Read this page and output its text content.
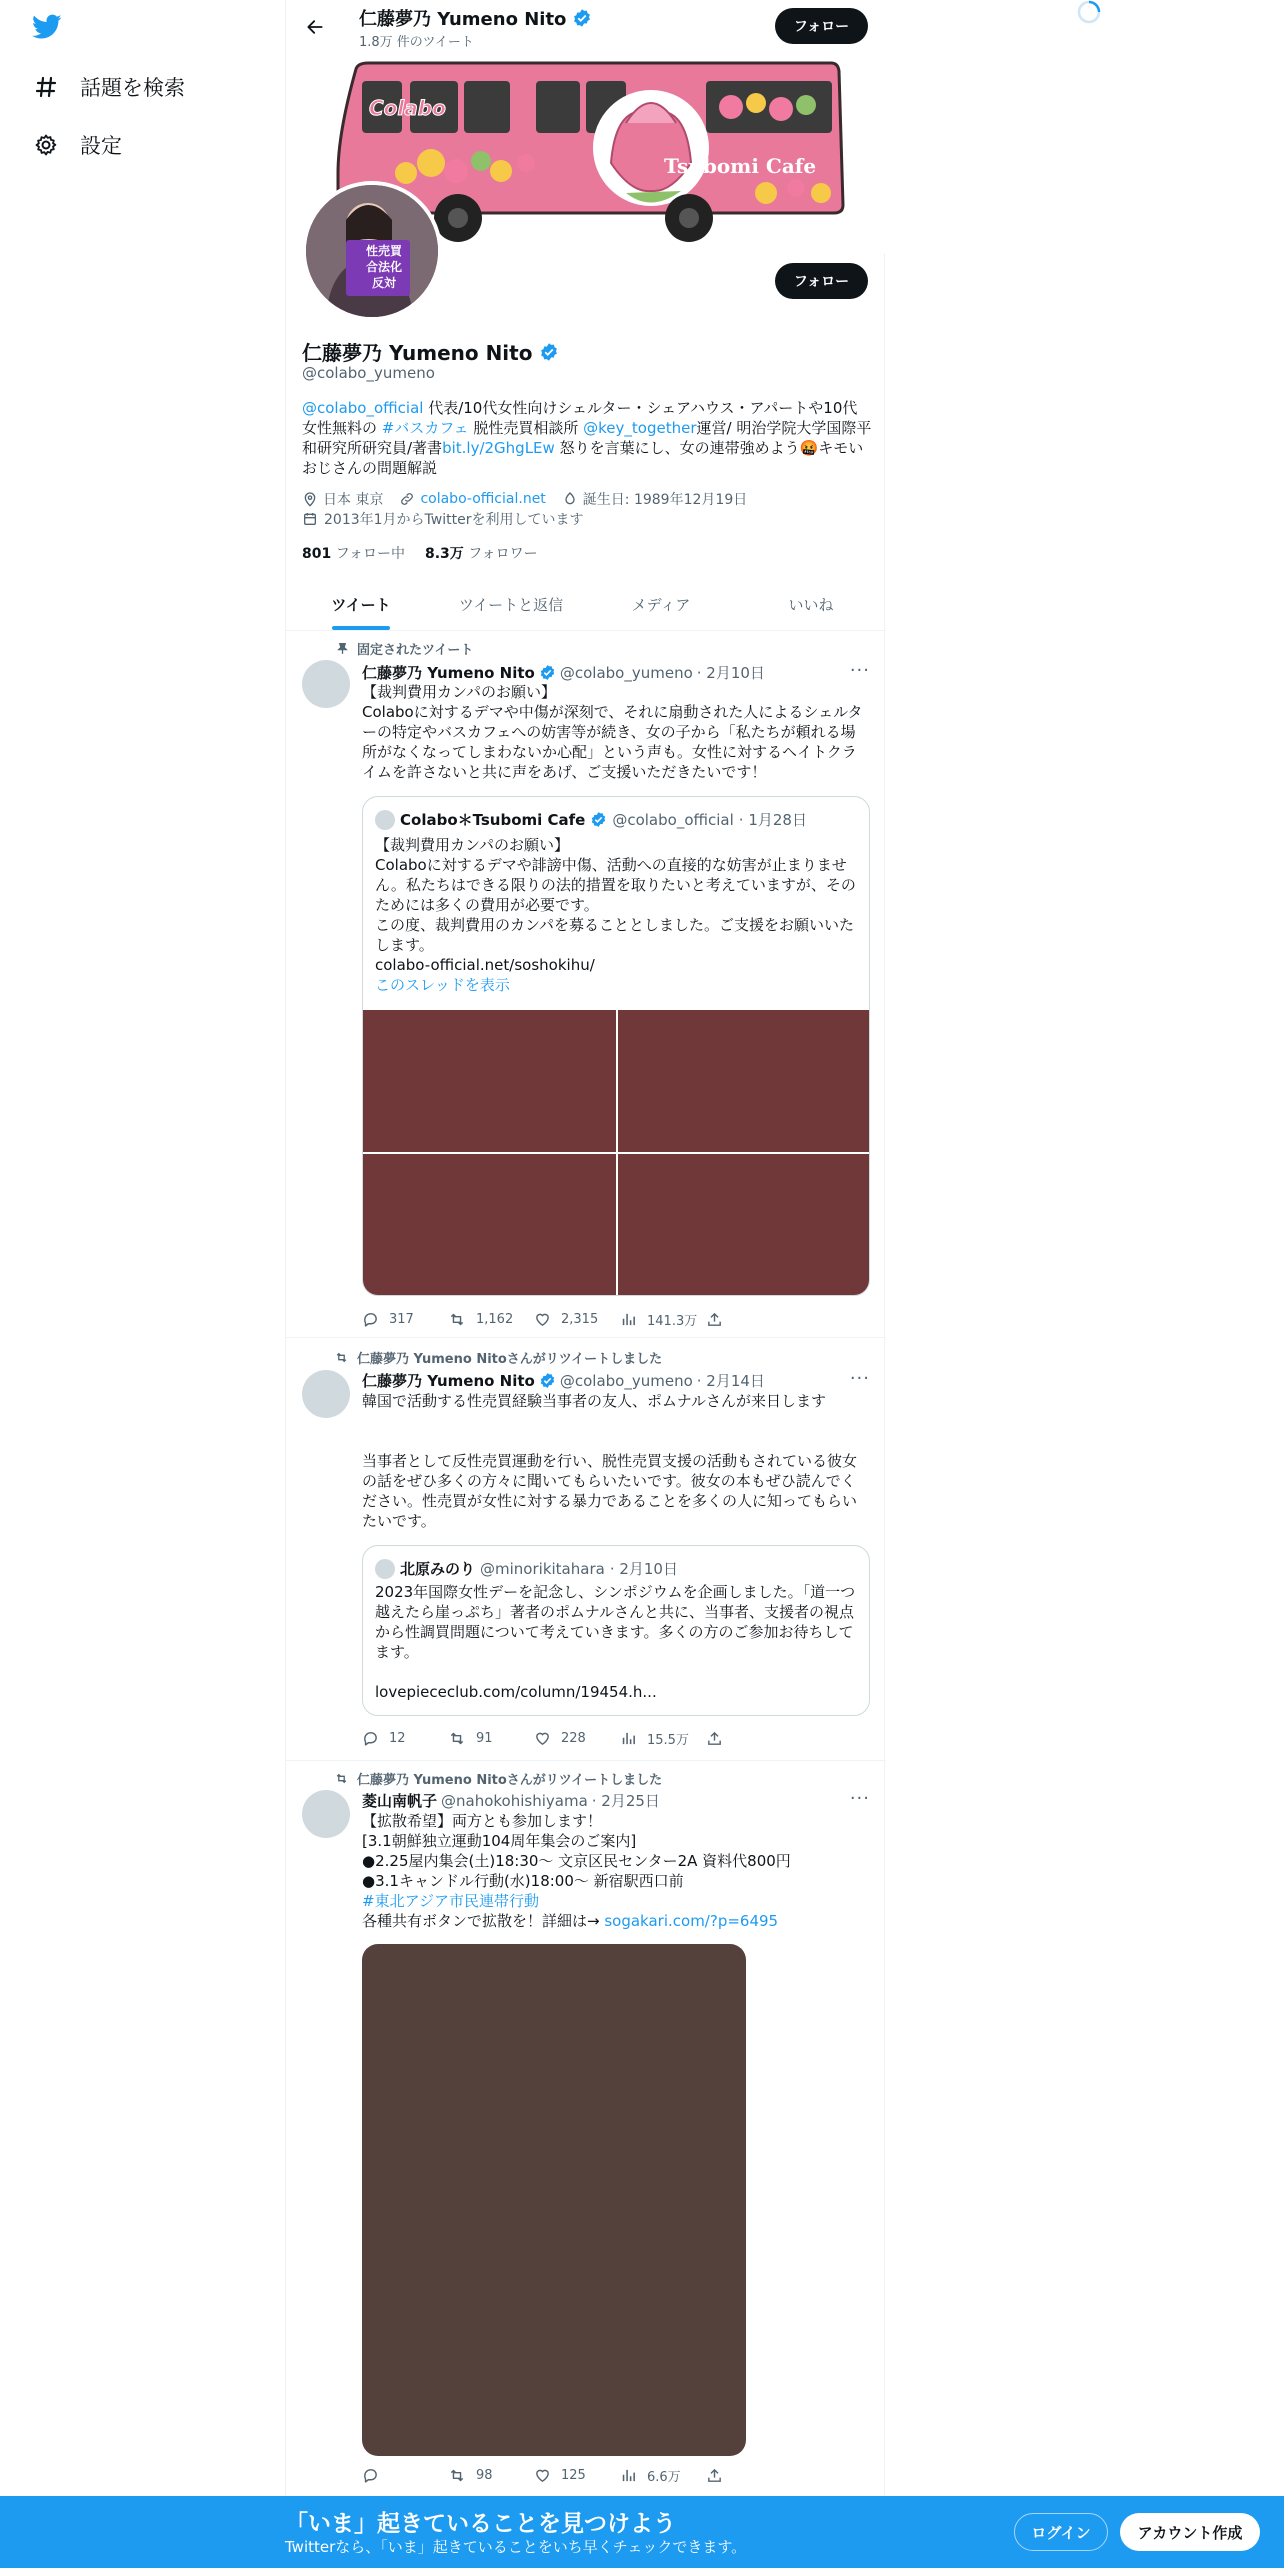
話題を検索
設定
仁藤夢乃 Yumeno Nito
1.8万 件のツイート
フォロー
Colabo
Tsubomi Cafe
性売買合法化反対	フォロー
仁藤夢乃 Yumeno Nito
@colabo_yumeno
@colabo_official 代表/10代女性向けシェルター・シェアハウス・アパートや10代女性無料の #バスカフェ 脱性売買相談所 @key_together運営/ 明治学院大学国際平和研究所研究員/著書bit.ly/2GhgLEw 怒りを言葉にし、女の連帯強めよう🤬キモいおじさんの問題解説
日本 東京	colabo-official.net	誕生日: 1989年12月19日
2013年1月からTwitterを利用しています
801 フォロー中 8.3万 フォロワー
ツイート	ツイートと返信	メディア	いいね
固定されたツイート
仁藤夢乃 Yumeno Nito @colabo_yumeno · 2月10日	···
【裁判費用カンパのお願い】
Colaboに対するデマや中傷が深刻で、それに扇動された人によるシェルターの特定やバスカフェへの妨害等が続き、女の子から「私たちが頼れる場所がなくなってしまわないか心配」という声も。女性に対するヘイトクライムを許さないと共に声をあげ、ご支援いただきたいです！
Colabo＊Tsubomi Cafe @colabo_official · 1月28日
【裁判費用カンパのお願い】
Colaboに対するデマや誹謗中傷、活動への直接的な妨害が止まりません。私たちはできる限りの法的措置を取りたいと考えていますが、そのためには多くの費用が必要です。
この度、裁判費用のカンパを募ることとしました。ご支援をお願いいたします。
colabo-official.net/soshokihu/
このスレッドを表示
317	1,162	2,315	141.3万
仁藤夢乃 Yumeno Nitoさんがリツイートしました
仁藤夢乃 Yumeno Nito @colabo_yumeno · 2月14日	···
韓国で活動する性売買経験当事者の友人、ポムナルさんが来日します

当事者として反性売買運動を行い、脱性売買支援の活動もされている彼女の話をぜひ多くの方々に聞いてもらいたいです。彼女の本もぜひ読んでください。性売買が女性に対する暴力であることを多くの人に知ってもらいたいです。
北原みのり @minorikitahara · 2月10日
2023年国際女性デーを記念し、シンポジウムを企画しました。「道一つ越えたら崖っぷち」著者のポムナルさんと共に、当事者、支援者の視点から性調買問題について考えていきます。多くの方のご参加お待ちしてます。

lovepiececlub.com/column/19454.h...
12	91	228	15.5万
仁藤夢乃 Yumeno Nitoさんがリツイートしました
菱山南帆子 @nahokohishiyama · 2月25日	···
【拡散希望】両方とも参加します！
[3.1朝鮮独立運動104周年集会のご案内]
●2.25屋内集会(土)18:30～ 文京区民センター2A 資料代800円
●3.1キャンドル行動(水)18:00～ 新宿駅西口前
#東北アジア市民連帯行動
各種共有ボタンで拡散を！詳細は→ sogakari.com/?p=6495
98	125	6.6万
「いま」起きていることを見つけよう
Twitterなら、「いま」起きていることをいち早くチェックできます。
ログイン	アカウント作成
